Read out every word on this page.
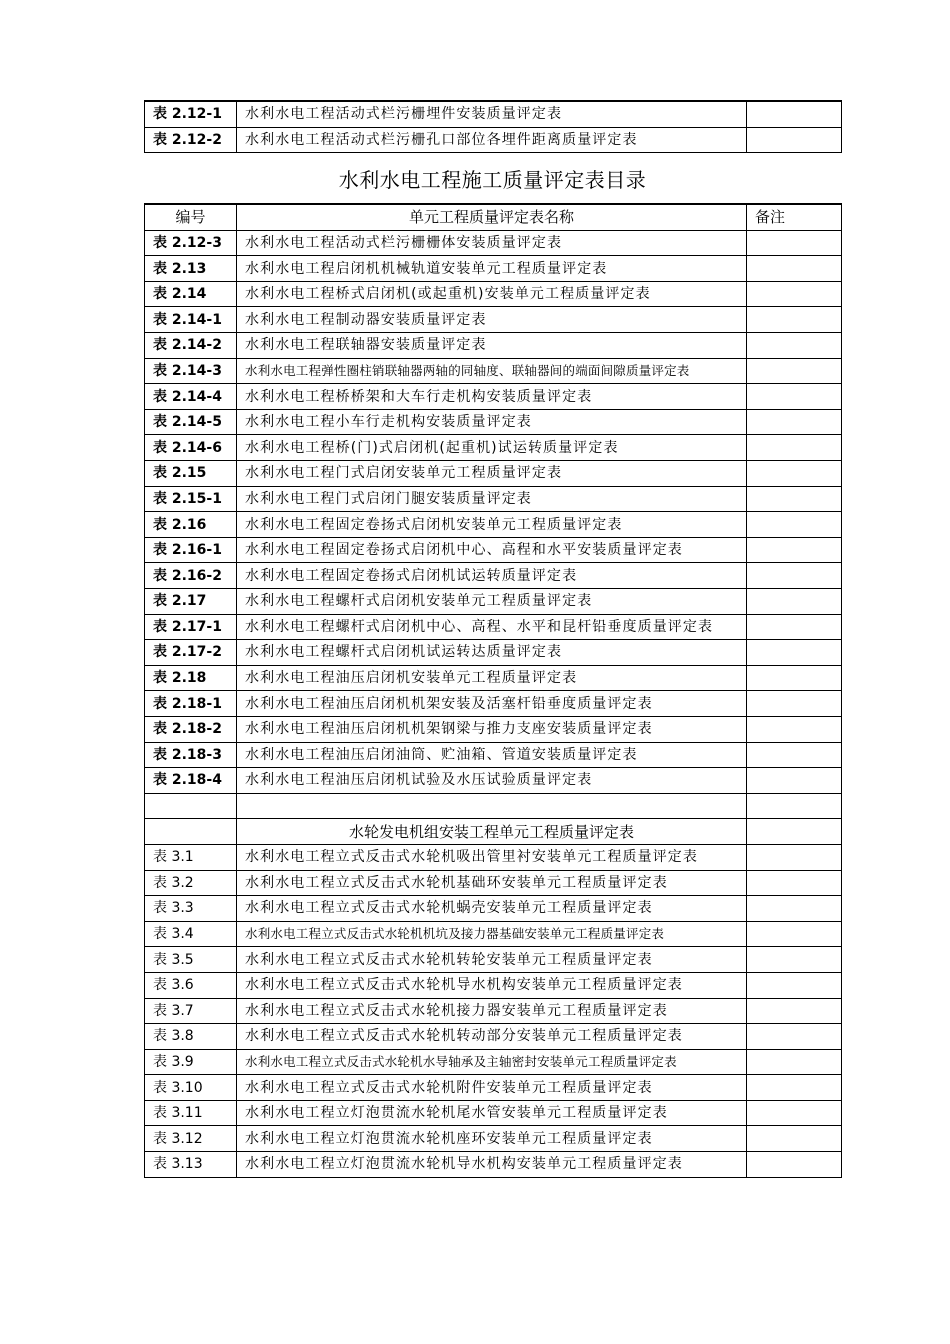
表 2.12-1	水利水电工程活动式栏污栅埋件安装质量评定表	
表 2.12-2	水利水电工程活动式栏污栅孔口部位各埋件距离质量评定表	
水利水电工程施工质量评定表目录
编号	单元工程质量评定表名称	备注
表 2.12-3	水利水电工程活动式栏污栅栅体安装质量评定表	
表 2.13	水利水电工程启闭机机械轨道安装单元工程质量评定表	
表 2.14	水利水电工程桥式启闭机(或起重机)安装单元工程质量评定表	
表 2.14-1	水利水电工程制动器安装质量评定表	
表 2.14-2	水利水电工程联轴器安装质量评定表	
表 2.14-3	水利水电工程弹性圈柱销联轴器两轴的同轴度、联轴器间的端面间隙质量评定表	
表 2.14-4	水利水电工程桥桥架和大车行走机构安装质量评定表	
表 2.14-5	水利水电工程小车行走机构安装质量评定表	
表 2.14-6	水利水电工程桥(门)式启闭机(起重机)试运转质量评定表	
表 2.15	水利水电工程门式启闭安装单元工程质量评定表	
表 2.15-1	水利水电工程门式启闭门腿安装质量评定表	
表 2.16	水利水电工程固定卷扬式启闭机安装单元工程质量评定表	
表 2.16-1	水利水电工程固定卷扬式启闭机中心、高程和水平安装质量评定表	
表 2.16-2	水利水电工程固定卷扬式启闭机试运转质量评定表	
表 2.17	水利水电工程螺杆式启闭机安装单元工程质量评定表	
表 2.17-1	水利水电工程螺杆式启闭机中心、高程、水平和昆杆铅垂度质量评定表	
表 2.17-2	水利水电工程螺杆式启闭机试运转达质量评定表	
表 2.18	水利水电工程油压启闭机安装单元工程质量评定表	
表 2.18-1	水利水电工程油压启闭机机架安装及活塞杆铅垂度质量评定表	
表 2.18-2	水利水电工程油压启闭机机架钢梁与推力支座安装质量评定表	
表 2.18-3	水利水电工程油压启闭油筒、贮油箱、管道安装质量评定表	
表 2.18-4	水利水电工程油压启闭机试验及水压试验质量评定表	

	水轮发电机组安装工程单元工程质量评定表	
表 3.1	水利水电工程立式反击式水轮机吸出管里衬安装单元工程质量评定表	
表 3.2	水利水电工程立式反击式水轮机基础环安装单元工程质量评定表	
表 3.3	水利水电工程立式反击式水轮机蜗壳安装单元工程质量评定表	
表 3.4	水利水电工程立式反击式水轮机机坑及接力器基础安装单元工程质量评定表	
表 3.5	水利水电工程立式反击式水轮机转轮安装单元工程质量评定表	
表 3.6	水利水电工程立式反击式水轮机导水机构安装单元工程质量评定表	
表 3.7	水利水电工程立式反击式水轮机接力器安装单元工程质量评定表	
表 3.8	水利水电工程立式反击式水轮机转动部分安装单元工程质量评定表	
表 3.9	水利水电工程立式反击式水轮机水导轴承及主轴密封安装单元工程质量评定表	
表 3.10	水利水电工程立式反击式水轮机附件安装单元工程质量评定表	
表 3.11	水利水电工程立灯泡贯流水轮机尾水管安装单元工程质量评定表	
表 3.12	水利水电工程立灯泡贯流水轮机座环安装单元工程质量评定表	
表 3.13	水利水电工程立灯泡贯流水轮机导水机构安装单元工程质量评定表	
